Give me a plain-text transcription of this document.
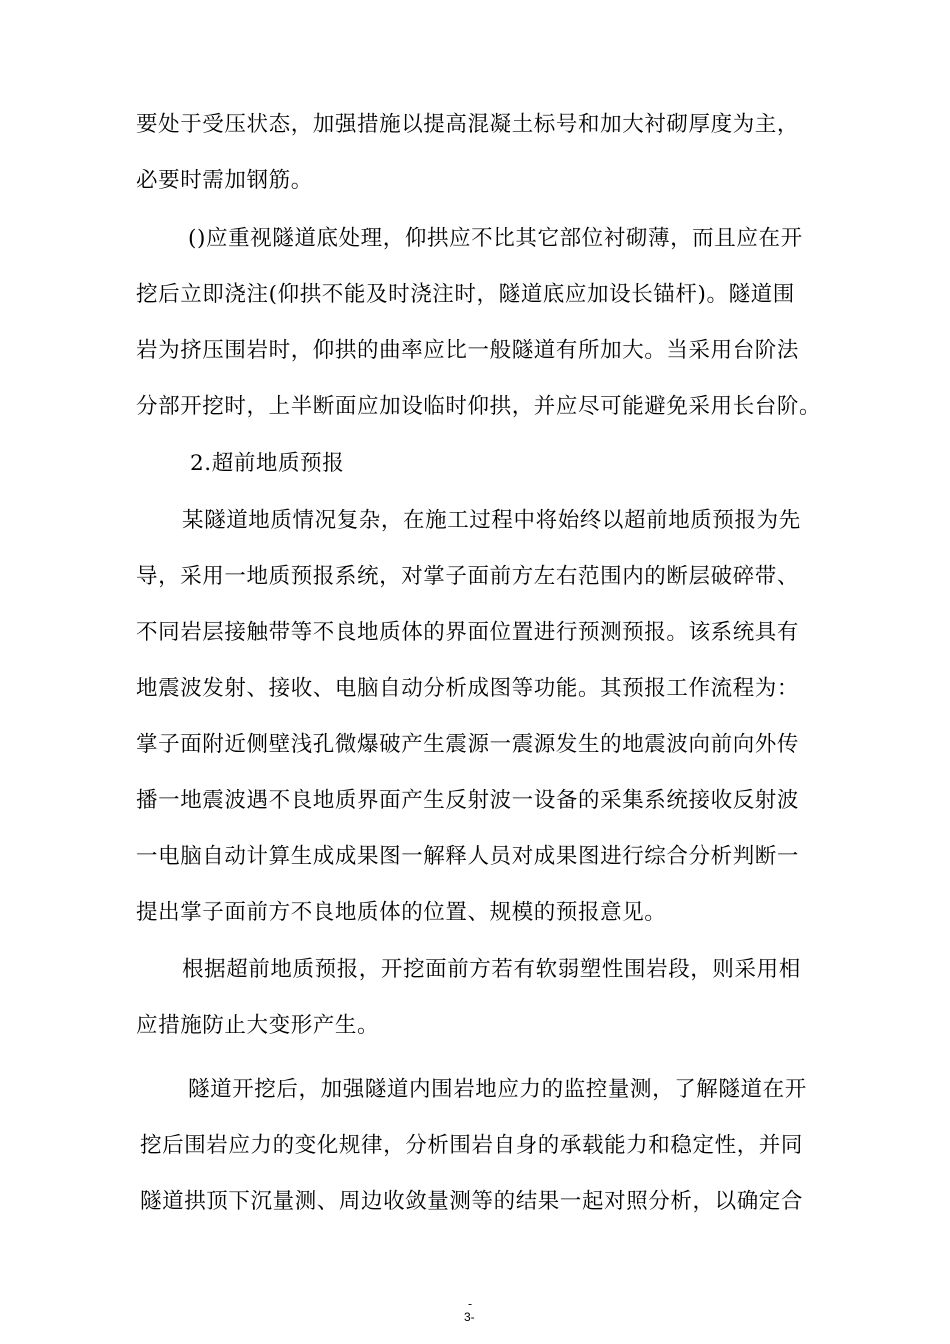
要处于受压状态，加强措施以提高混凝土标号和加大衬砌厚度为主，
必要时需加钢筋。
()应重视隧道底处理，仰拱应不比其它部位衬砌薄，而且应在开
挖后立即浇注(仰拱不能及时浇注时，隧道底应加设长锚杆)。隧道围
岩为挤压围岩时，仰拱的曲率应比一般隧道有所加大。当采用台阶法
分部开挖时，上半断面应加设临时仰拱，并应尽可能避免采用长台阶。
2.超前地质预报
某隧道地质情况复杂，在施工过程中将始终以超前地质预报为先
导，采用一地质预报系统，对掌子面前方左右范围内的断层破碎带、
不同岩层接触带等不良地质体的界面位置进行预测预报。该系统具有
地震波发射、接收、电脑自动分析成图等功能。其预报工作流程为：
掌子面附近侧壁浅孔微爆破产生震源一震源发生的地震波向前向外传
播一地震波遇不良地质界面产生反射波一设备的采集系统接收反射波
一电脑自动计算生成成果图一解释人员对成果图进行综合分析判断一
提出掌子面前方不良地质体的位置、规模的预报意见。
根据超前地质预报，开挖面前方若有软弱塑性围岩段，则采用相
应措施防止大变形产生。
隧道开挖后，加强隧道内围岩地应力的监控量测，了解隧道在开
挖后围岩应力的变化规律，分析围岩自身的承载能力和稳定性，并同
隧道拱顶下沉量测、周边收敛量测等的结果一起对照分析，以确定合
-
3-
